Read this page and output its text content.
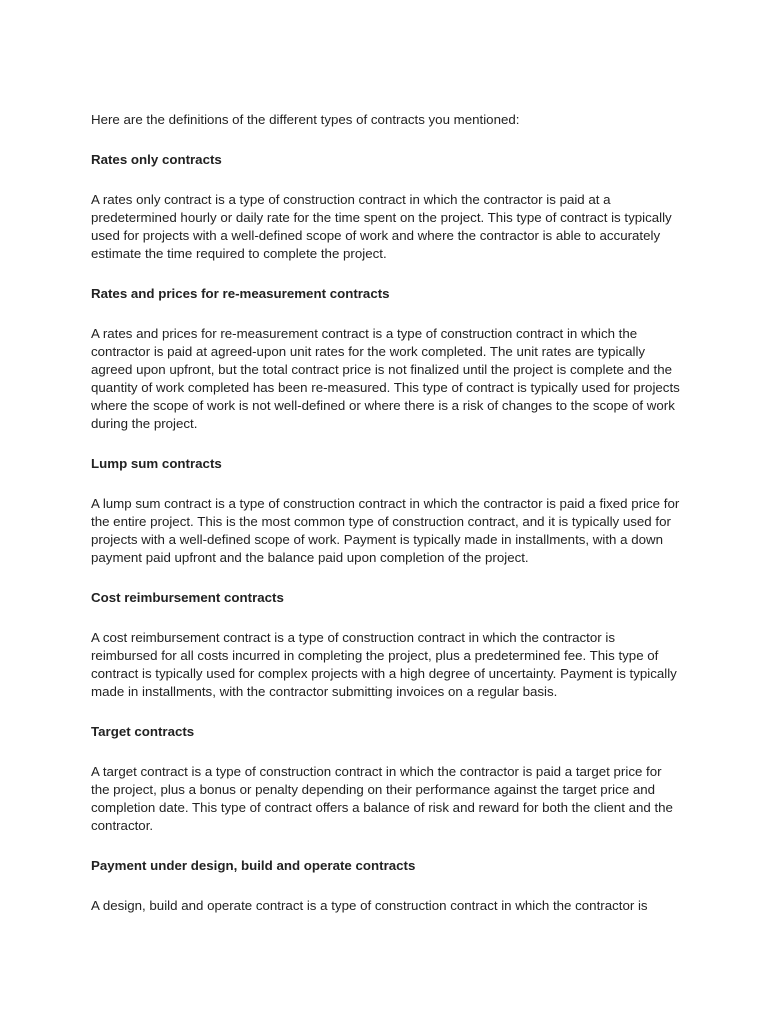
Here are the definitions of the different types of contracts you mentioned:

Rates only contracts

A rates only contract is a type of construction contract in which the contractor is paid at a predetermined hourly or daily rate for the time spent on the project. This type of contract is typically used for projects with a well-defined scope of work and where the contractor is able to accurately estimate the time required to complete the project.

Rates and prices for re-measurement contracts

A rates and prices for re-measurement contract is a type of construction contract in which the contractor is paid at agreed-upon unit rates for the work completed. The unit rates are typically agreed upon upfront, but the total contract price is not finalized until the project is complete and the quantity of work completed has been re-measured. This type of contract is typically used for projects where the scope of work is not well-defined or where there is a risk of changes to the scope of work during the project.

Lump sum contracts

A lump sum contract is a type of construction contract in which the contractor is paid a fixed price for the entire project. This is the most common type of construction contract, and it is typically used for projects with a well-defined scope of work. Payment is typically made in installments, with a down payment paid upfront and the balance paid upon completion of the project.

Cost reimbursement contracts

A cost reimbursement contract is a type of construction contract in which the contractor is reimbursed for all costs incurred in completing the project, plus a predetermined fee. This type of contract is typically used for complex projects with a high degree of uncertainty. Payment is typically made in installments, with the contractor submitting invoices on a regular basis.

Target contracts

A target contract is a type of construction contract in which the contractor is paid a target price for the project, plus a bonus or penalty depending on their performance against the target price and completion date. This type of contract offers a balance of risk and reward for both the client and the contractor.

Payment under design, build and operate contracts

A design, build and operate contract is a type of construction contract in which the contractor is
